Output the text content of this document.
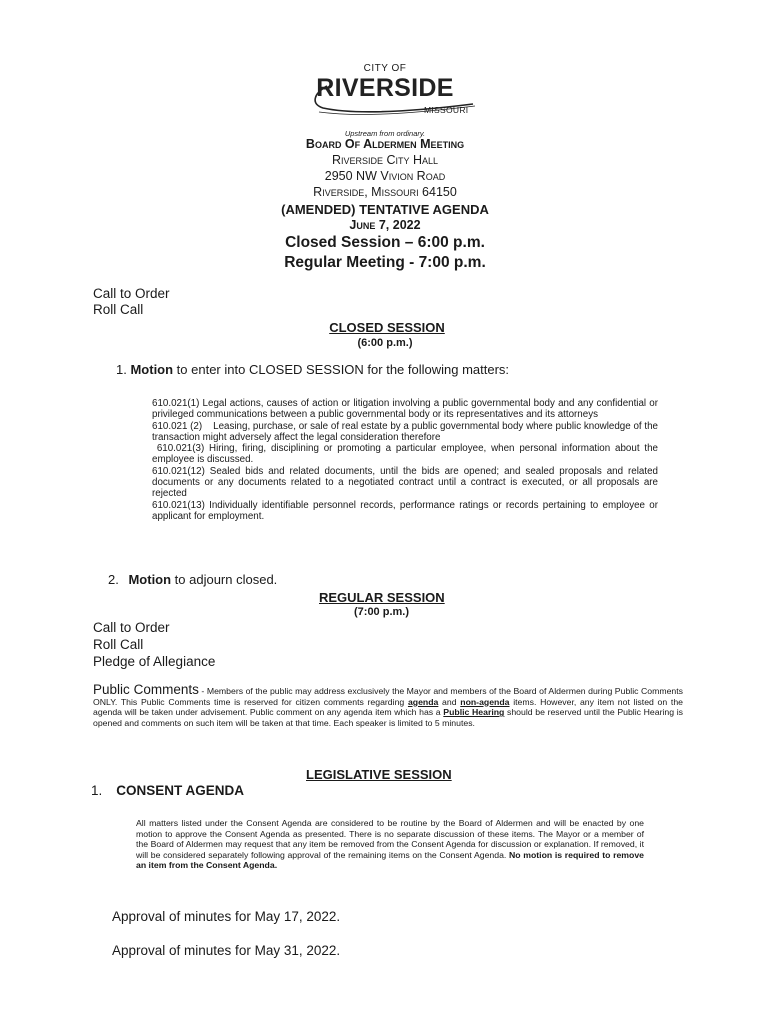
CITY OF
RIVERSIDE
MISSOURI
Upstream from ordinary.
Board Of Aldermen Meeting
Riverside City Hall
2950 NW Vivion Road
Riverside, Missouri 64150
(AMENDED) TENTATIVE AGENDA
June 7, 2022
Closed Session – 6:00 p.m.
Regular Meeting - 7:00 p.m.
Call to Order
Roll Call
CLOSED SESSION
(6:00 p.m.)
1. Motion to enter into CLOSED SESSION for the following matters:
610.021(1) Legal actions, causes of action or litigation involving a public governmental body and any confidential or privileged communications between a public governmental body or its representatives and its attorneys
610.021 (2)    Leasing, purchase, or sale of real estate by a public governmental body where public knowledge of the transaction might adversely affect the legal consideration therefore
610.021(3) Hiring, firing, disciplining or promoting a particular employee, when personal information about the employee is discussed.
610.021(12) Sealed bids and related documents, until the bids are opened; and sealed proposals and related documents or any documents related to a negotiated contract until a contract is executed, or all proposals are rejected
610.021(13) Individually identifiable personnel records, performance ratings or records pertaining to employee or applicant for employment.
2. Motion to adjourn closed.
REGULAR SESSION
(7:00 p.m.)
Call to Order
Roll Call
Pledge of Allegiance
Public Comments - Members of the public may address exclusively the Mayor and members of the Board of Aldermen during Public Comments ONLY. This Public Comments time is reserved for citizen comments regarding agenda and non-agenda items. However, any item not listed on the agenda will be taken under advisement. Public comment on any agenda item which has a Public Hearing should be reserved until the Public Hearing is opened and comments on such item will be taken at that time. Each speaker is limited to 5 minutes.
LEGISLATIVE SESSION
1. CONSENT AGENDA
All matters listed under the Consent Agenda are considered to be routine by the Board of Aldermen and will be enacted by one motion to approve the Consent Agenda as presented. There is no separate discussion of these items. The Mayor or a member of the Board of Aldermen may request that any item be removed from the Consent Agenda for discussion or explanation. If removed, it will be considered separately following approval of the remaining items on the Consent Agenda. No motion is required to remove an item from the Consent Agenda.
Approval of minutes for May 17, 2022.
Approval of minutes for May 31, 2022.
